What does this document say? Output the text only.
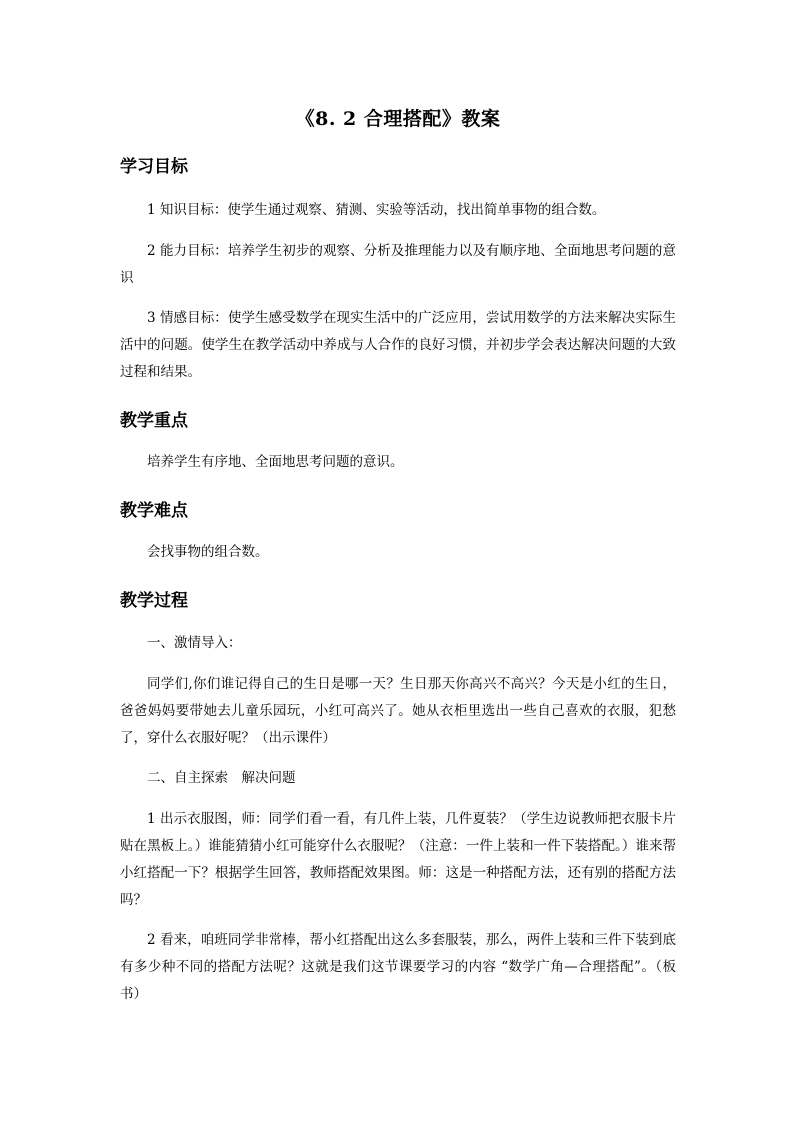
《8. 2 合理搭配》教案
学习目标

1 知识目标：使学生通过观察、猜测、实验等活动，找出简单事物的组合数。

2 能力目标：培养学生初步的观察、分析及推理能力以及有顺序地、全面地思考问题的意识

3 情感目标：使学生感受数学在现实生活中的广泛应用，尝试用数学的方法来解决实际生活中的问题。使学生在教学活动中养成与人合作的良好习惯，并初步学会表达解决问题的大致过程和结果。

教学重点

培养学生有序地、全面地思考问题的意识。

教学难点

会找事物的组合数。

教学过程

一、激情导入：

同学们,你们谁记得自己的生日是哪一天？生日那天你高兴不高兴？今天是小红的生日，爸爸妈妈要带她去儿童乐园玩，小红可高兴了。她从衣柜里选出一些自己喜欢的衣服，犯愁了，穿什么衣服好呢？（出示课件）

二、自主探索　解决问题

1 出示衣服图，师：同学们看一看，有几件上装，几件夏装？（学生边说教师把衣服卡片贴在黑板上。）谁能猜猜小红可能穿什么衣服呢？（注意：一件上装和一件下装搭配。）谁来帮小红搭配一下？根据学生回答，教师搭配效果图。师：这是一种搭配方法，还有别的搭配方法吗？

2 看来，咱班同学非常棒，帮小红搭配出这么多套服装，那么，两件上装和三件下装到底有多少种不同的搭配方法呢？这就是我们这节课要学习的内容 “数学广角—合理搭配”。（板书）
